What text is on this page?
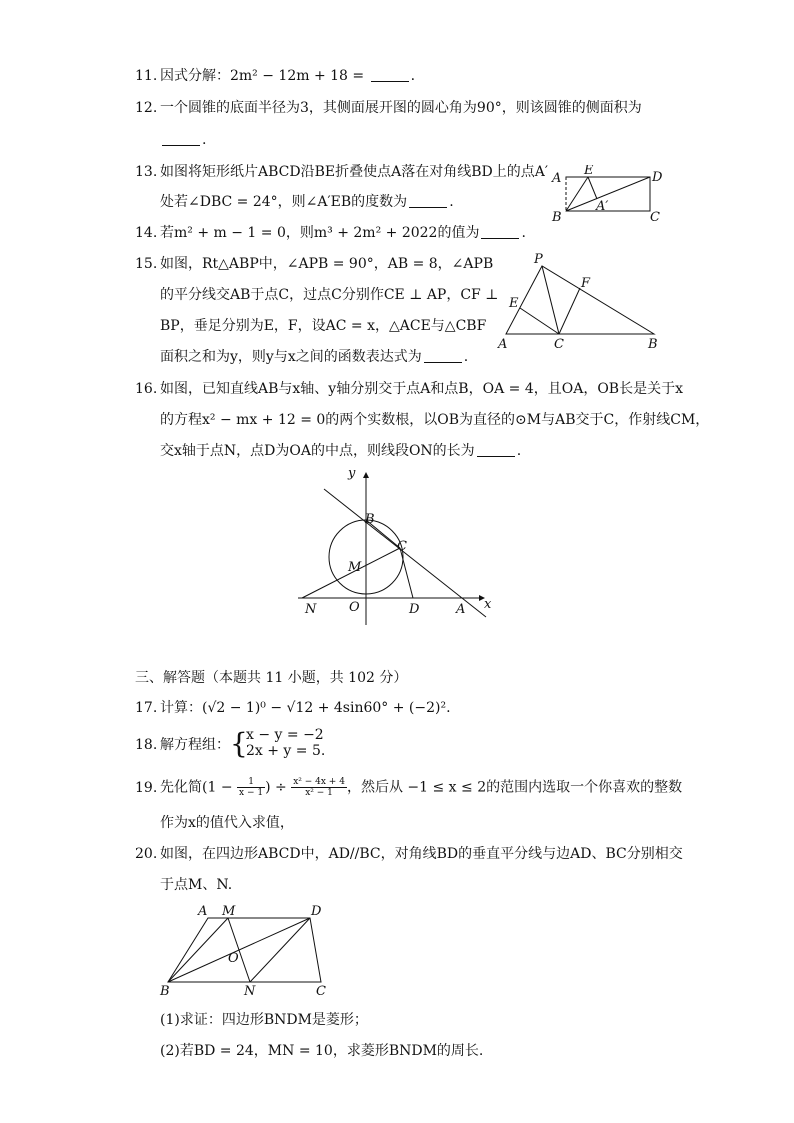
11. 因式分解：2m² − 12m + 18 =	.
12. 一个圆锥的底面半径为3，其侧面展开图的圆心角为90°，则该圆锥的侧面积为
.
13. 如图将矩形纸片ABCD沿BE折叠使点A落在对角线BD上的点A′
处若∠DBC = 24°，则∠A′EB的度数为	.
A
E	D
A′
B	C
14. 若m² + m − 1 = 0，则m³ + 2m² + 2022的值为	.
15. 如图，Rt△ABP中，∠APB = 90°，AB = 8，∠APB
的平分线交AB于点C，过点C分别作CE ⊥ AP，CF ⊥
BP，垂足分别为E，F，设AC = x，△ACE与△CBF
面积之和为y，则y与x之间的函数表达式为	.
P
F
E
A	C	B
16. 如图，已知直线AB与x轴、y轴分别交于点A和点B，OA = 4，且OA，OB长是关于x
的方程x² − mx + 12 = 0的两个实数根，以OB为直径的⊙M与AB交于C，作射线CM，
交x轴于点N，点D为OA的中点，则线段ON的长为	.
y
B
C
M
N	O	D	A x
三、解答题（本题共 11 小题，共 102 分）
17. 计算：(√2 − 1)⁰ − √12 + 4sin60° + (−2)².
18. 解方程组： {
x − y = −2
2x + y = 5.
19. 先化简($1 - \frac{1}{x - 1}$ ) ÷ $\frac{\text{x² − 4x + 4}}{\text{x² − 1}}$ ，然后从 −1 ≤ x ≤ 2的范围内选取一个你喜欢的整数
作为x的值代入求值，
20. 如图，在四边形ABCD中，AD//BC，对角线BD的垂直平分线与边AD、BC分别相交
于点M、N.
A M	D
O
B	N	C
(1)求证：四边形BNDM是菱形；
(2)若BD = 24，MN = 10，求菱形BNDM的周长.
